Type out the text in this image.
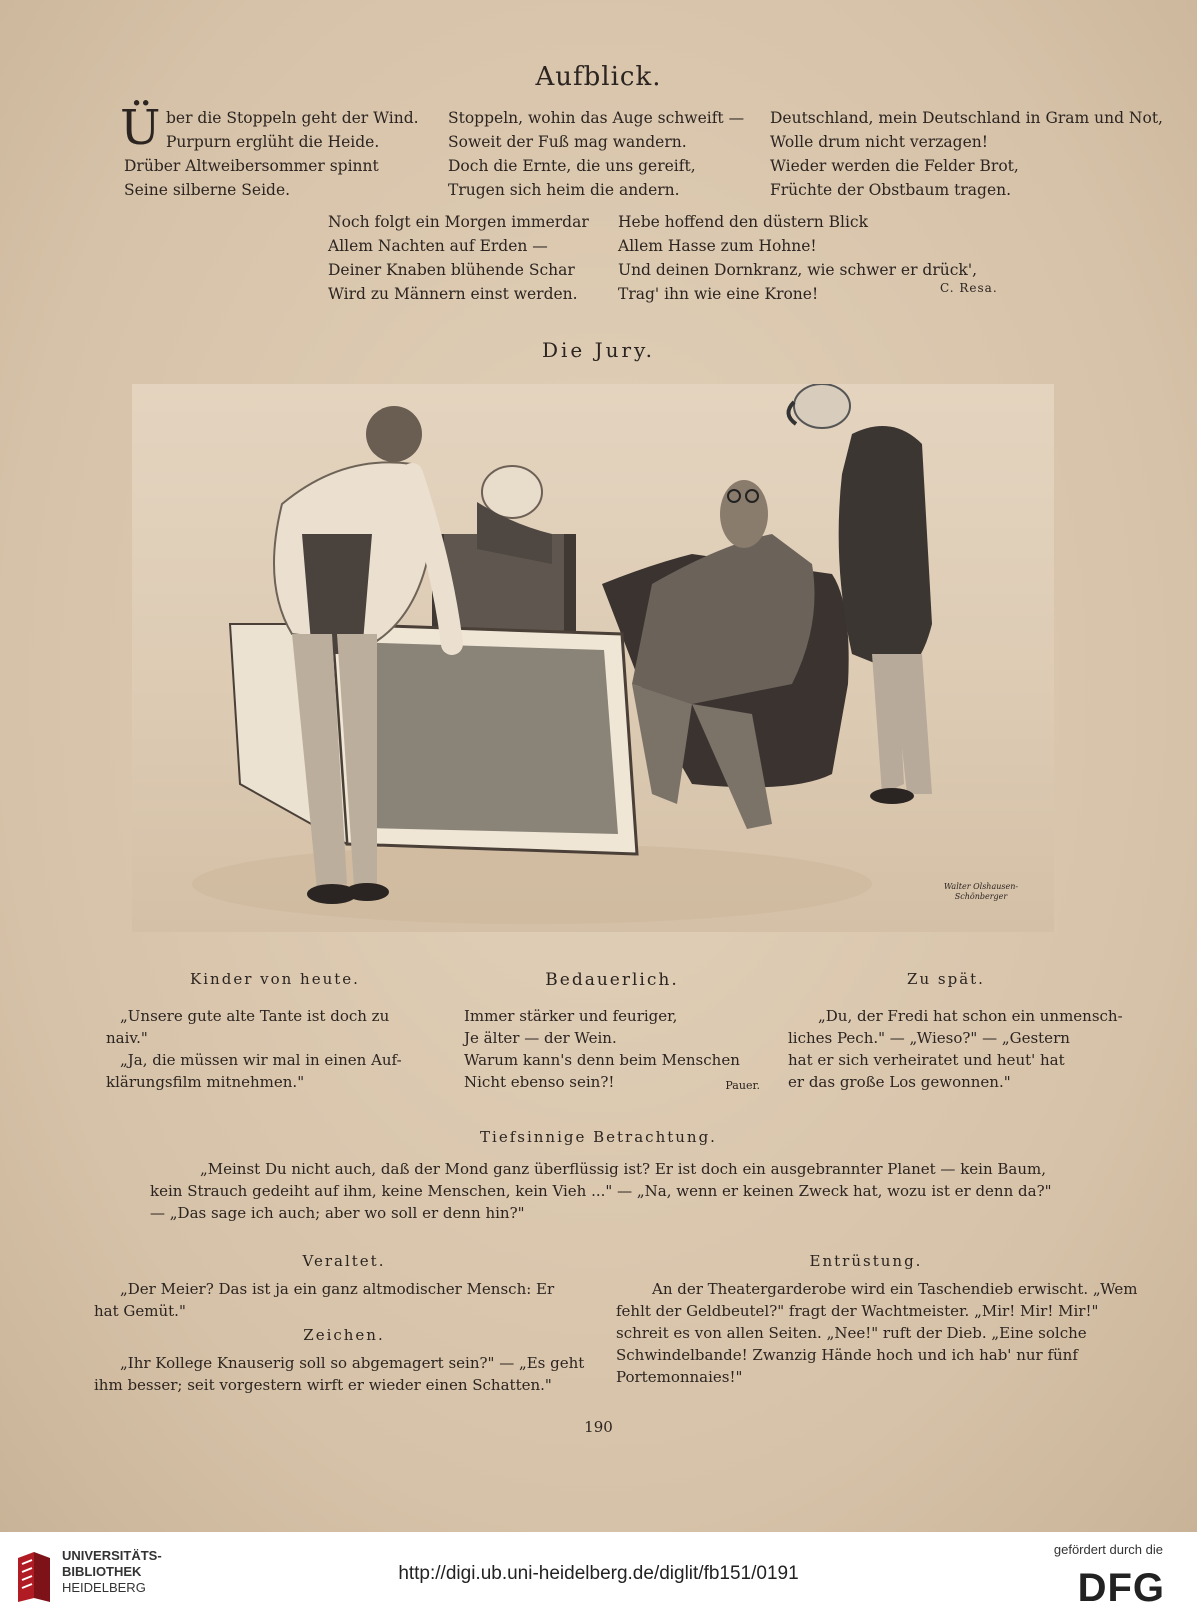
Aufblick.
Ü ber die Stoppeln geht der Wind.
Purpurn erglüht die Heide.
Drüber Altweibersommer spinnt
Seine silberne Seide.
Stoppeln, wohin das Auge schweift —
Soweit der Fuß mag wandern.
Doch die Ernte, die uns gereift,
Trugen sich heim die andern.
Deutschland, mein Deutschland in Gram und Not,
Wolle drum nicht verzagen!
Wieder werden die Felder Brot,
Früchte der Obstbaum tragen.
Noch folgt ein Morgen immerdar
Allem Nachten auf Erden —
Deiner Knaben blühende Schar
Wird zu Männern einst werden.
Hebe hoffend den düstern Blick
Allem Hasse zum Hohne!
Und deinen Dornkranz, wie schwer er drück',
Trag' ihn wie eine Krone!	C. Resa.
Die Jury.
Walter Olshausen-Schönberger
Kinder von heute.
„Unsere gute alte Tante ist doch zu
naiv."
„Ja, die müssen wir mal in einen Auf-
klärungsfilm mitnehmen."
Bedauerlich.
Immer stärker und feuriger,
Je älter — der Wein.
Warum kann's denn beim Menschen
Nicht ebenso sein?!	Pauer.
Zu spät.
„Du, der Fredi hat schon ein unmensch-
liches Pech." — „Wieso?" — „Gestern
hat er sich verheiratet und heut' hat
er das große Los gewonnen."
Tiefsinnige Betrachtung.
„Meinst Du nicht auch, daß der Mond ganz überflüssig ist? Er ist doch ein ausgebrannter Planet — kein Baum,
kein Strauch gedeiht auf ihm, keine Menschen, kein Vieh ..." — „Na, wenn er keinen Zweck hat, wozu ist er denn da?"
— „Das sage ich auch; aber wo soll er denn hin?"
Veraltet.
„Der Meier? Das ist ja ein ganz altmodischer Mensch: Er
hat Gemüt."
Zeichen.
„Ihr Kollege Knauserig soll so abgemagert sein?" — „Es geht
ihm besser; seit vorgestern wirft er wieder einen Schatten."
Entrüstung.
An der Theatergarderobe wird ein Taschendieb erwischt. „Wem
fehlt der Geldbeutel?" fragt der Wachtmeister. „Mir! Mir! Mir!"
schreit es von allen Seiten. „Nee!" ruft der Dieb. „Eine solche
Schwindelbande! Zwanzig Hände hoch und ich hab' nur fünf
Portemonnaies!"
190
UNIVERSITÄTS-
BIBLIOTHEK
HEIDELBERG
http://digi.ub.uni-heidelberg.de/diglit/fb151/0191
gefördert durch die
DFG
